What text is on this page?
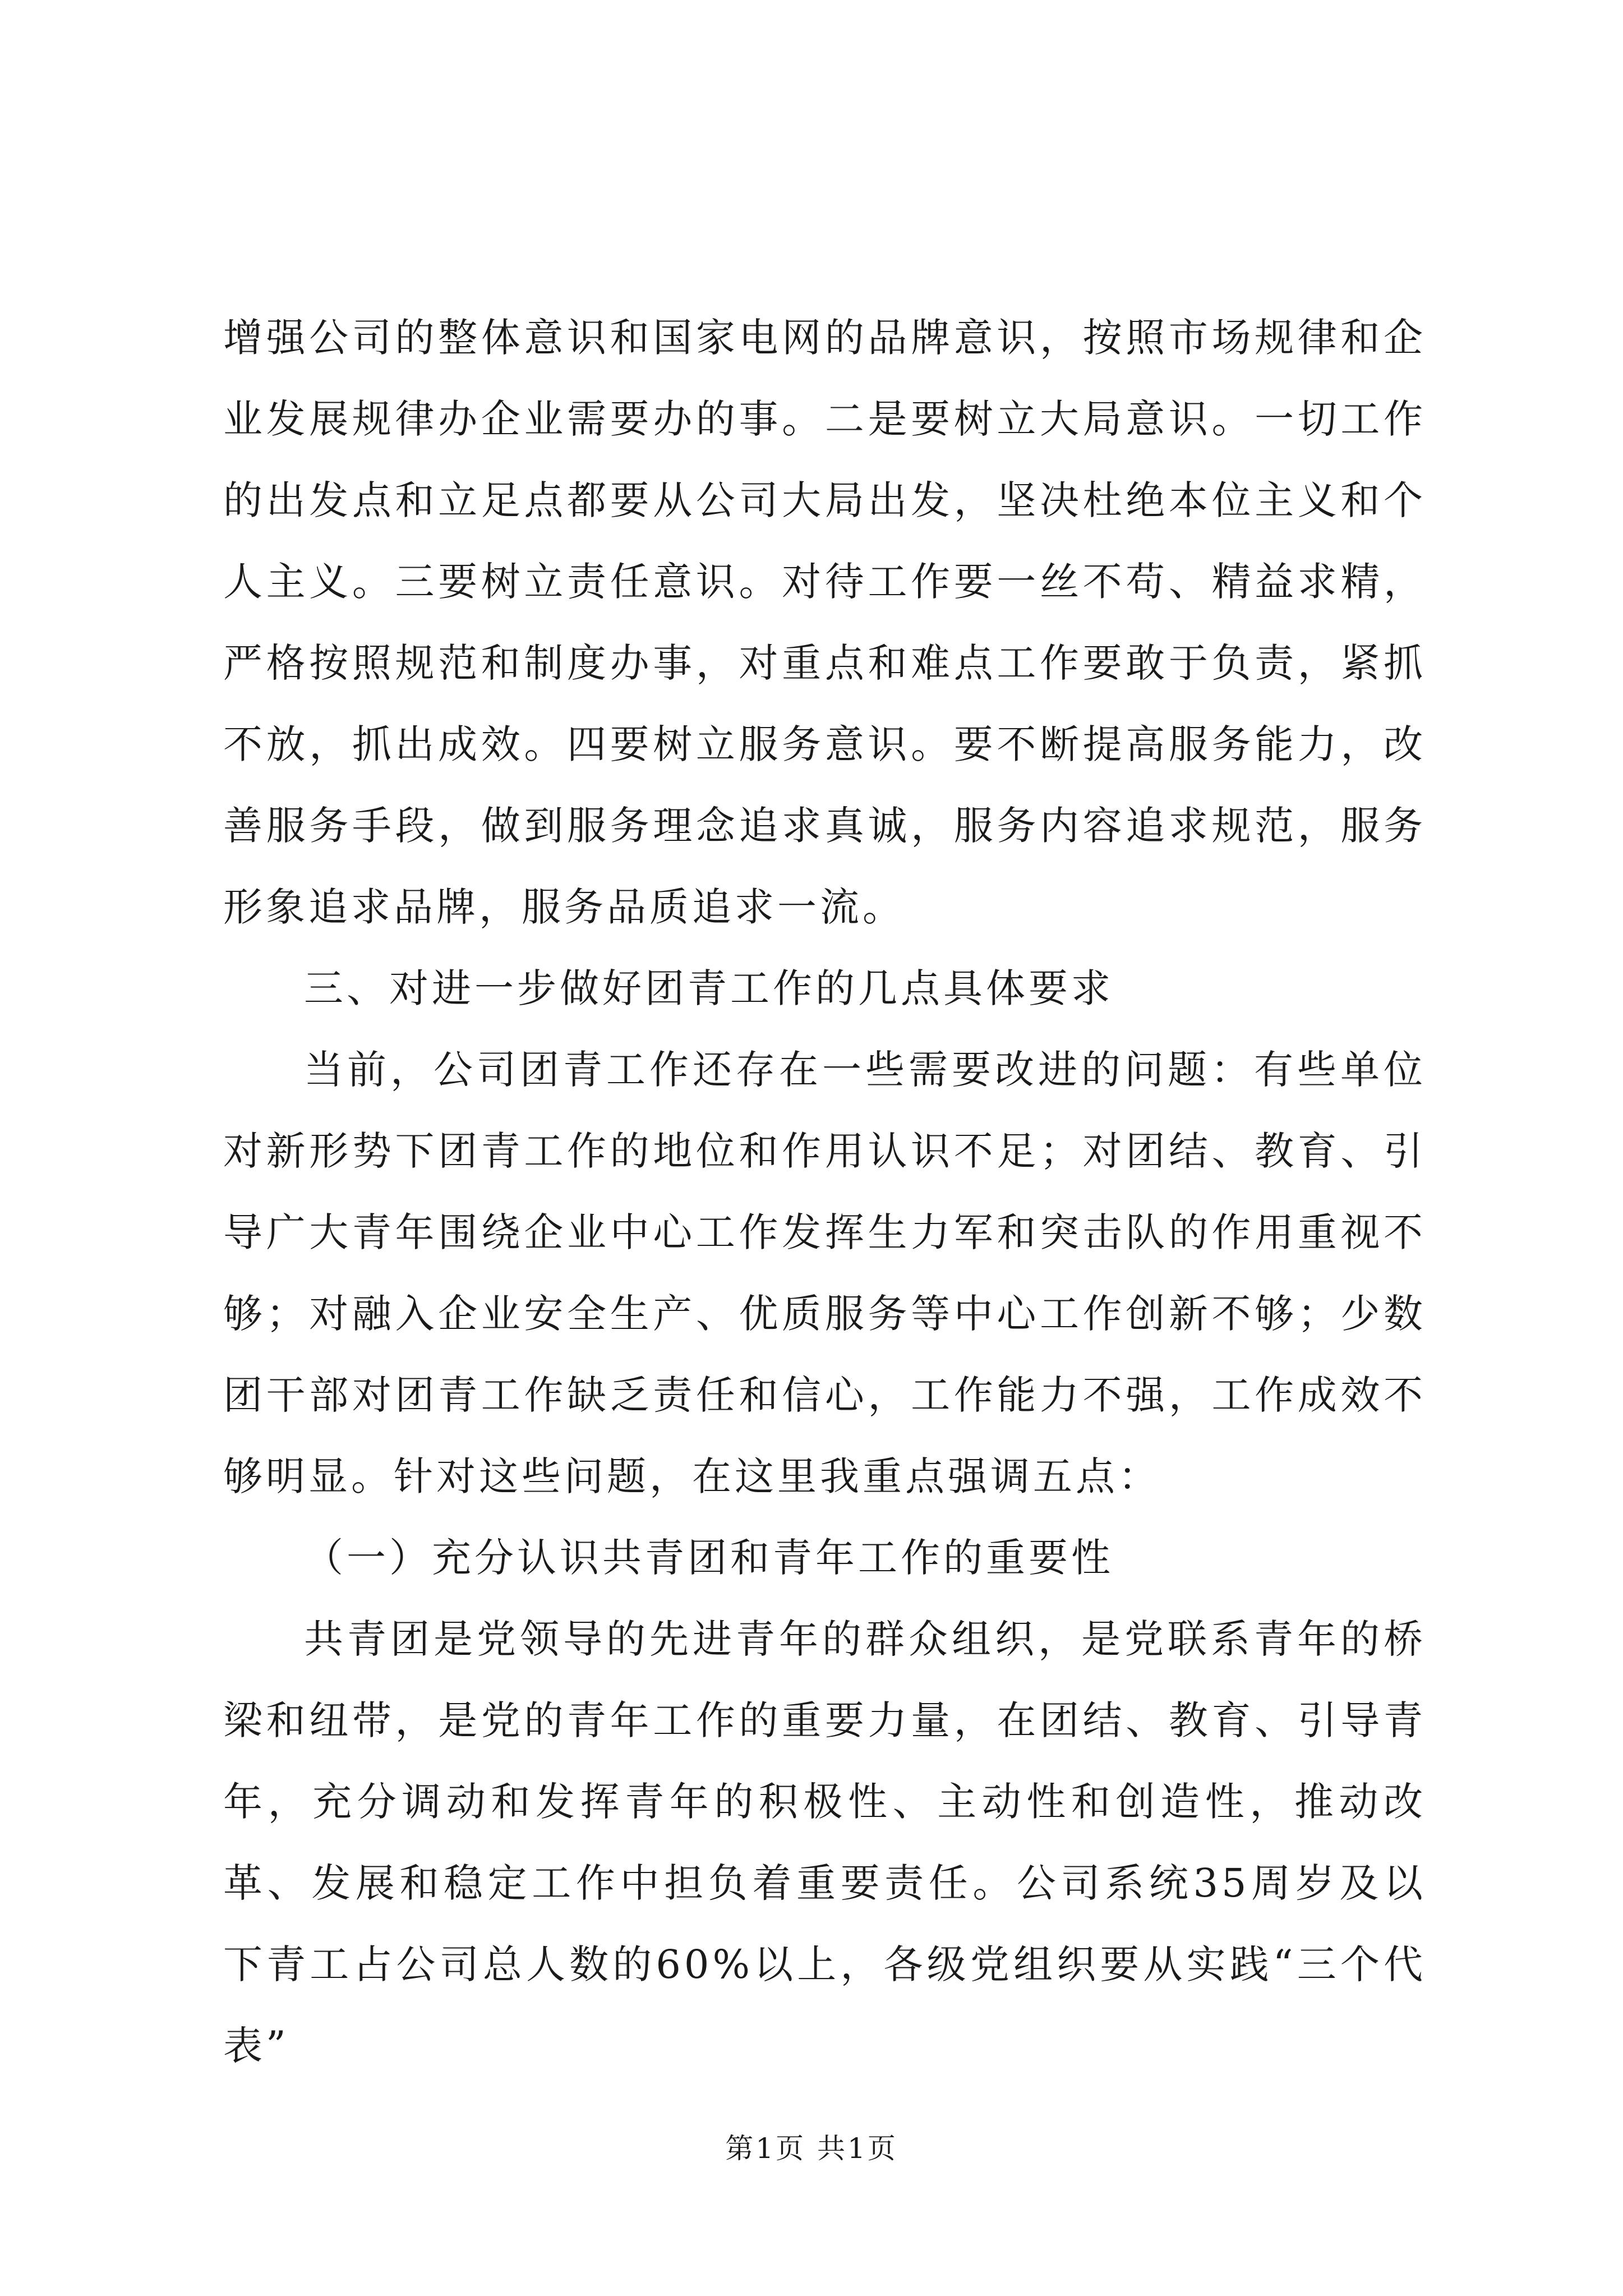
增强公司的整体意识和国家电网的品牌意识，按照市场规律和企业发展规律办企业需要办的事。二是要树立大局意识。一切工作的出发点和立足点都要从公司大局出发，坚决杜绝本位主义和个人主义。三要树立责任意识。对待工作要一丝不苟、精益求精，严格按照规范和制度办事，对重点和难点工作要敢于负责，紧抓不放，抓出成效。四要树立服务意识。要不断提高服务能力，改善服务手段，做到服务理念追求真诚，服务内容追求规范，服务形象追求品牌，服务品质追求一流。

三、对进一步做好团青工作的几点具体要求

当前，公司团青工作还存在一些需要改进的问题：有些单位对新形势下团青工作的地位和作用认识不足；对团结、教育、引导广大青年围绕企业中心工作发挥生力军和突击队的作用重视不够；对融入企业安全生产、优质服务等中心工作创新不够；少数团干部对团青工作缺乏责任和信心，工作能力不强，工作成效不够明显。针对这些问题，在这里我重点强调五点：

（一）充分认识共青团和青年工作的重要性

共青团是党领导的先进青年的群众组织，是党联系青年的桥梁和纽带，是党的青年工作的重要力量，在团结、教育、引导青年，充分调动和发挥青年的积极性、主动性和创造性，推动改革、发展和稳定工作中担负着重要责任。公司系统35周岁及以下青工占公司总人数的60%以上，各级党组织要从实践“三个代表”

第1页 共1页
